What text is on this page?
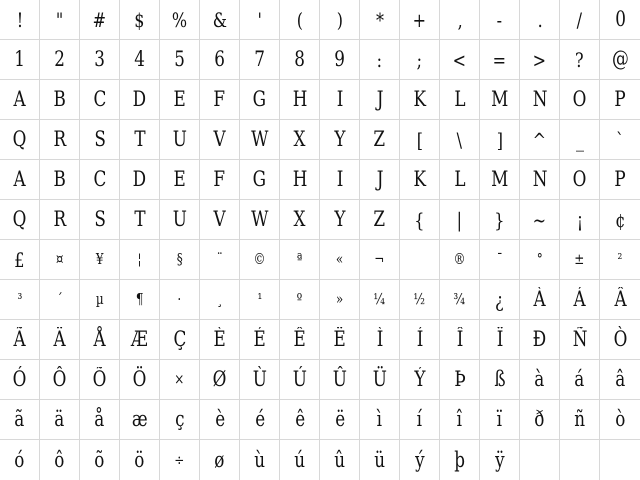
! " # $ % & ' ( ) * + , - . / 0
1 2 3 4 5 6 7 8 9 : ; < = > ? @
A B C D E F G H I J K L M N O P
Q R S T U V W X Y Z [ \ ] ^ _ `
A B C D E F G H I J K L M N O P
Q R S T U V W X Y Z { | } ~ ¡ ¢
£ ¤ ¥ ¦ § ¨ © ª « ¬	® ¯ ° ± ²
³ ´ µ ¶ · ¸ ¹ º » ¼ ½ ¾ ¿ À Á Â
Ã Ä Å Æ Ç È É Ê Ë Ì Í Î Ï Ð Ñ Ò
Ó Ô Õ Ö × Ø Ù Ú Û Ü Ý Þ ß à á â
ã ä å æ ç è é ê ë ì í î ï ð ñ ò
ó ô õ ö ÷ ø ù ú û ü ý þ ÿ
